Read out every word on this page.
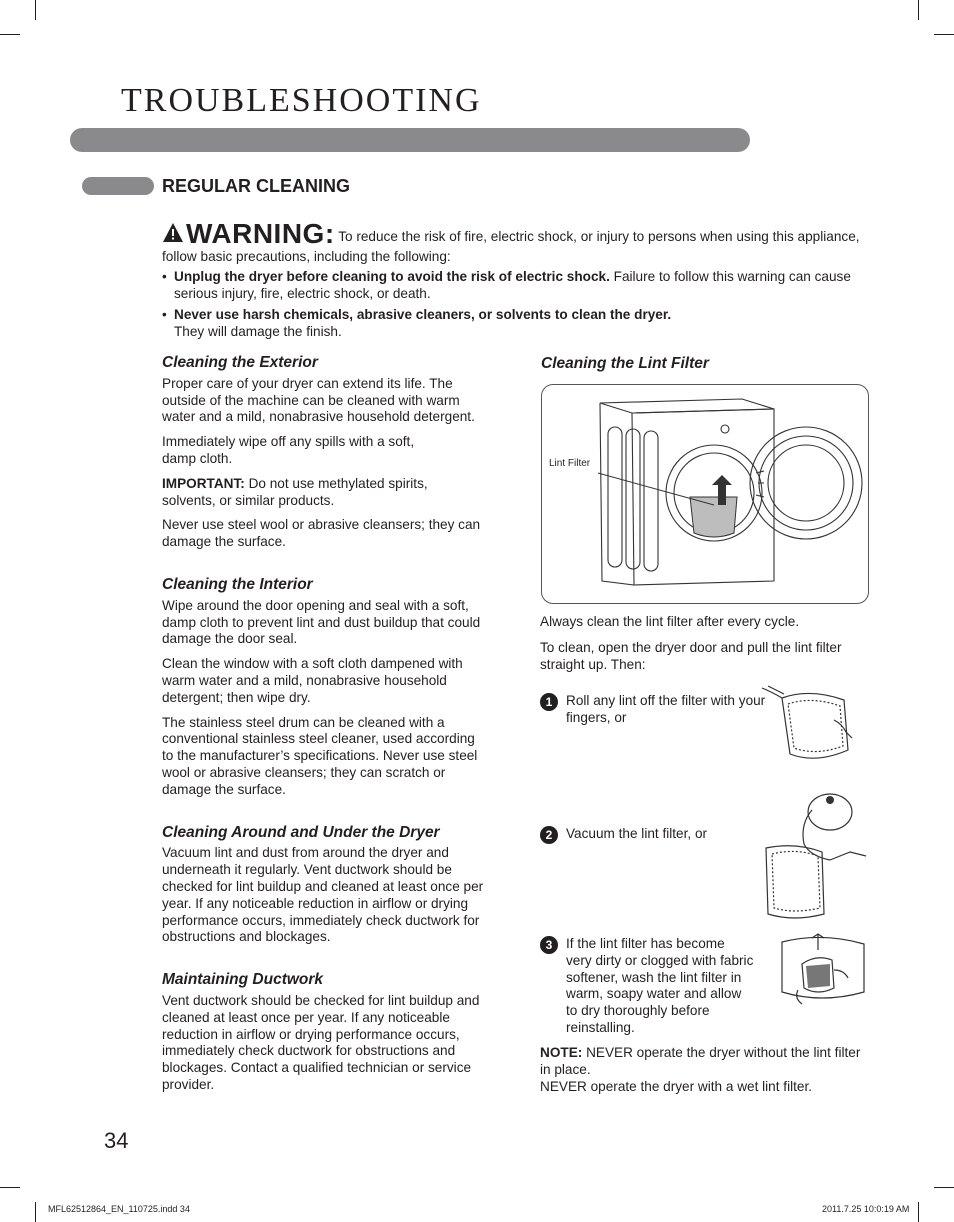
TROUBLESHOOTING
REGULAR CLEANING
WARNING: To reduce the risk of fire, electric shock, or injury to persons when using this appliance, follow basic precautions, including the following:
• Unplug the dryer before cleaning to avoid the risk of electric shock. Failure to follow this warning can cause serious injury, fire, electric shock, or death.
• Never use harsh chemicals, abrasive cleaners, or solvents to clean the dryer.
They will damage the finish.
Cleaning the Exterior

Proper care of your dryer can extend its life. The outside of the machine can be cleaned with warm water and a mild, nonabrasive household detergent.

Immediately wipe off any spills with a soft, damp cloth.

IMPORTANT: Do not use methylated spirits, solvents, or similar products.

Never use steel wool or abrasive cleansers; they can damage the surface.

Cleaning the Interior

Wipe around the door opening and seal with a soft, damp cloth to prevent lint and dust buildup that could damage the door seal.

Clean the window with a soft cloth dampened with warm water and a mild, nonabrasive household detergent; then wipe dry.

The stainless steel drum can be cleaned with a conventional stainless steel cleaner, used according to the manufacturer’s specifications. Never use steel wool or abrasive cleansers; they can scratch or damage the surface.

Cleaning Around and Under the Dryer

Vacuum lint and dust from around the dryer and underneath it regularly. Vent ductwork should be checked for lint buildup and cleaned at least once per year. If any noticeable reduction in airflow or drying performance occurs, immediately check ductwork for obstructions and blockages.

Maintaining Ductwork

Vent ductwork should be checked for lint buildup and cleaned at least once per year. If any noticeable reduction in airflow or drying performance occurs, immediately check ductwork for obstructions and blockages. Contact a qualified technician or service provider.

Cleaning the Lint Filter
Lint Filter

Always clean the lint filter after every cycle.

To clean, open the dryer door and pull the lint filter straight up. Then:

1	Roll any lint off the filter with your fingers, or
2	Vacuum the lint filter, or
3	If the lint filter has become very dirty or clogged with fabric softener, wash the lint filter in warm, soapy water and allow to dry thoroughly before reinstalling.
NOTE: NEVER operate the dryer without the lint filter in place.
NEVER operate the dryer with a wet lint filter.
34
MFL62512864_EN_110725.indd 34	2011.7.25 10:0:19 AM
